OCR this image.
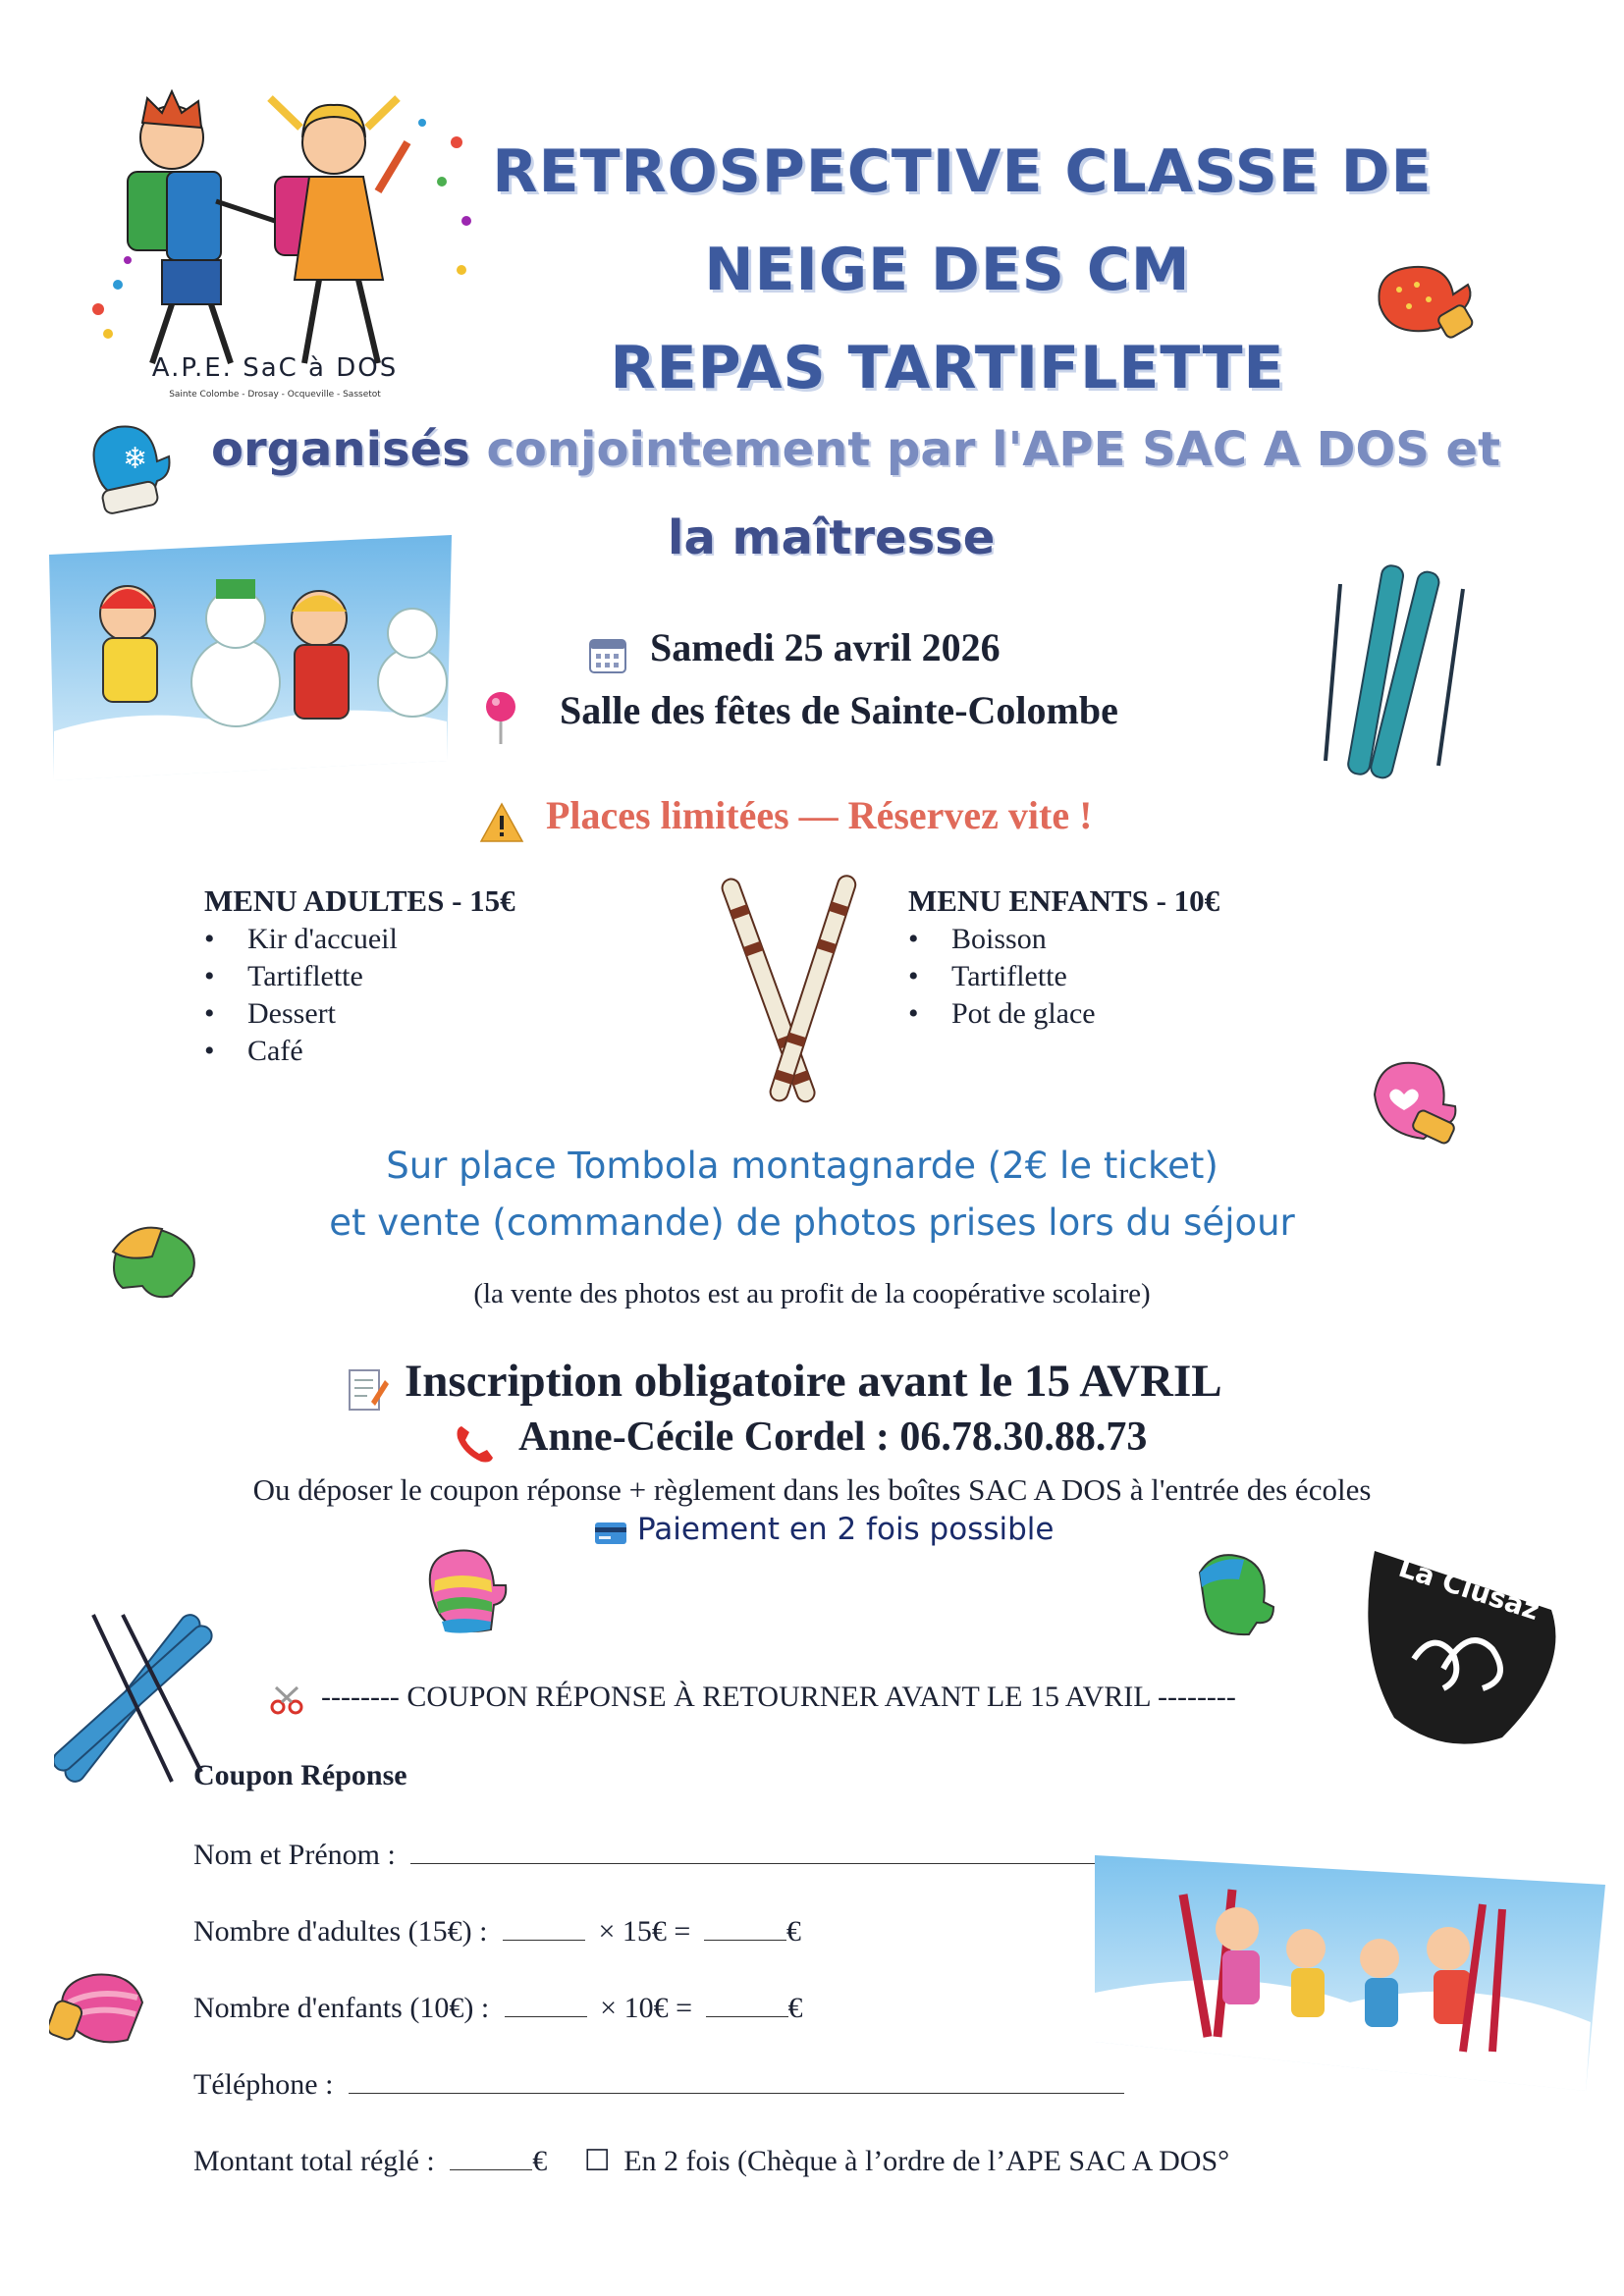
A.P.E. SaC à DOS
Sainte Colombe - Drosay - Ocqueville - Sassetot
RETROSPECTIVE CLASSE DE
NEIGE DES CM
REPAS TARTIFLETTE
organisés conjointement par l'APE SAC A DOS et
la maîtresse
❄
Samedi 25 avril 2026
Salle des fêtes de Sainte-Colombe
Places limitées — Réservez vite !
MENU ADULTES - 15€
• Kir d'accueil
• Tartiflette
• Dessert
• Café
MENU ENFANTS - 10€
• Boisson
• Tartiflette
• Pot de glace
Sur place Tombola montagnarde (2€ le ticket)
et vente (commande) de photos prises lors du séjour
(la vente des photos est au profit de la coopérative scolaire)
Inscription obligatoire avant le 15 AVRIL
Anne-Cécile Cordel : 06.78.30.88.73
Ou déposer le coupon réponse + règlement dans les boîtes SAC A DOS à l'entrée des écoles
Paiement en 2 fois possible
La Clusaz
-------- COUPON RÉPONSE À RETOURNER AVANT LE 15 AVRIL --------
Coupon Réponse
Nom et Prénom :
Nombre d'adultes (15€) :	× 15€ =	€
Nombre d'enfants (10€) :	× 10€ =	€
Téléphone :
Montant total réglé :	€ ☐ En 2 fois (Chèque à l’ordre de l’APE SAC A DOS°
